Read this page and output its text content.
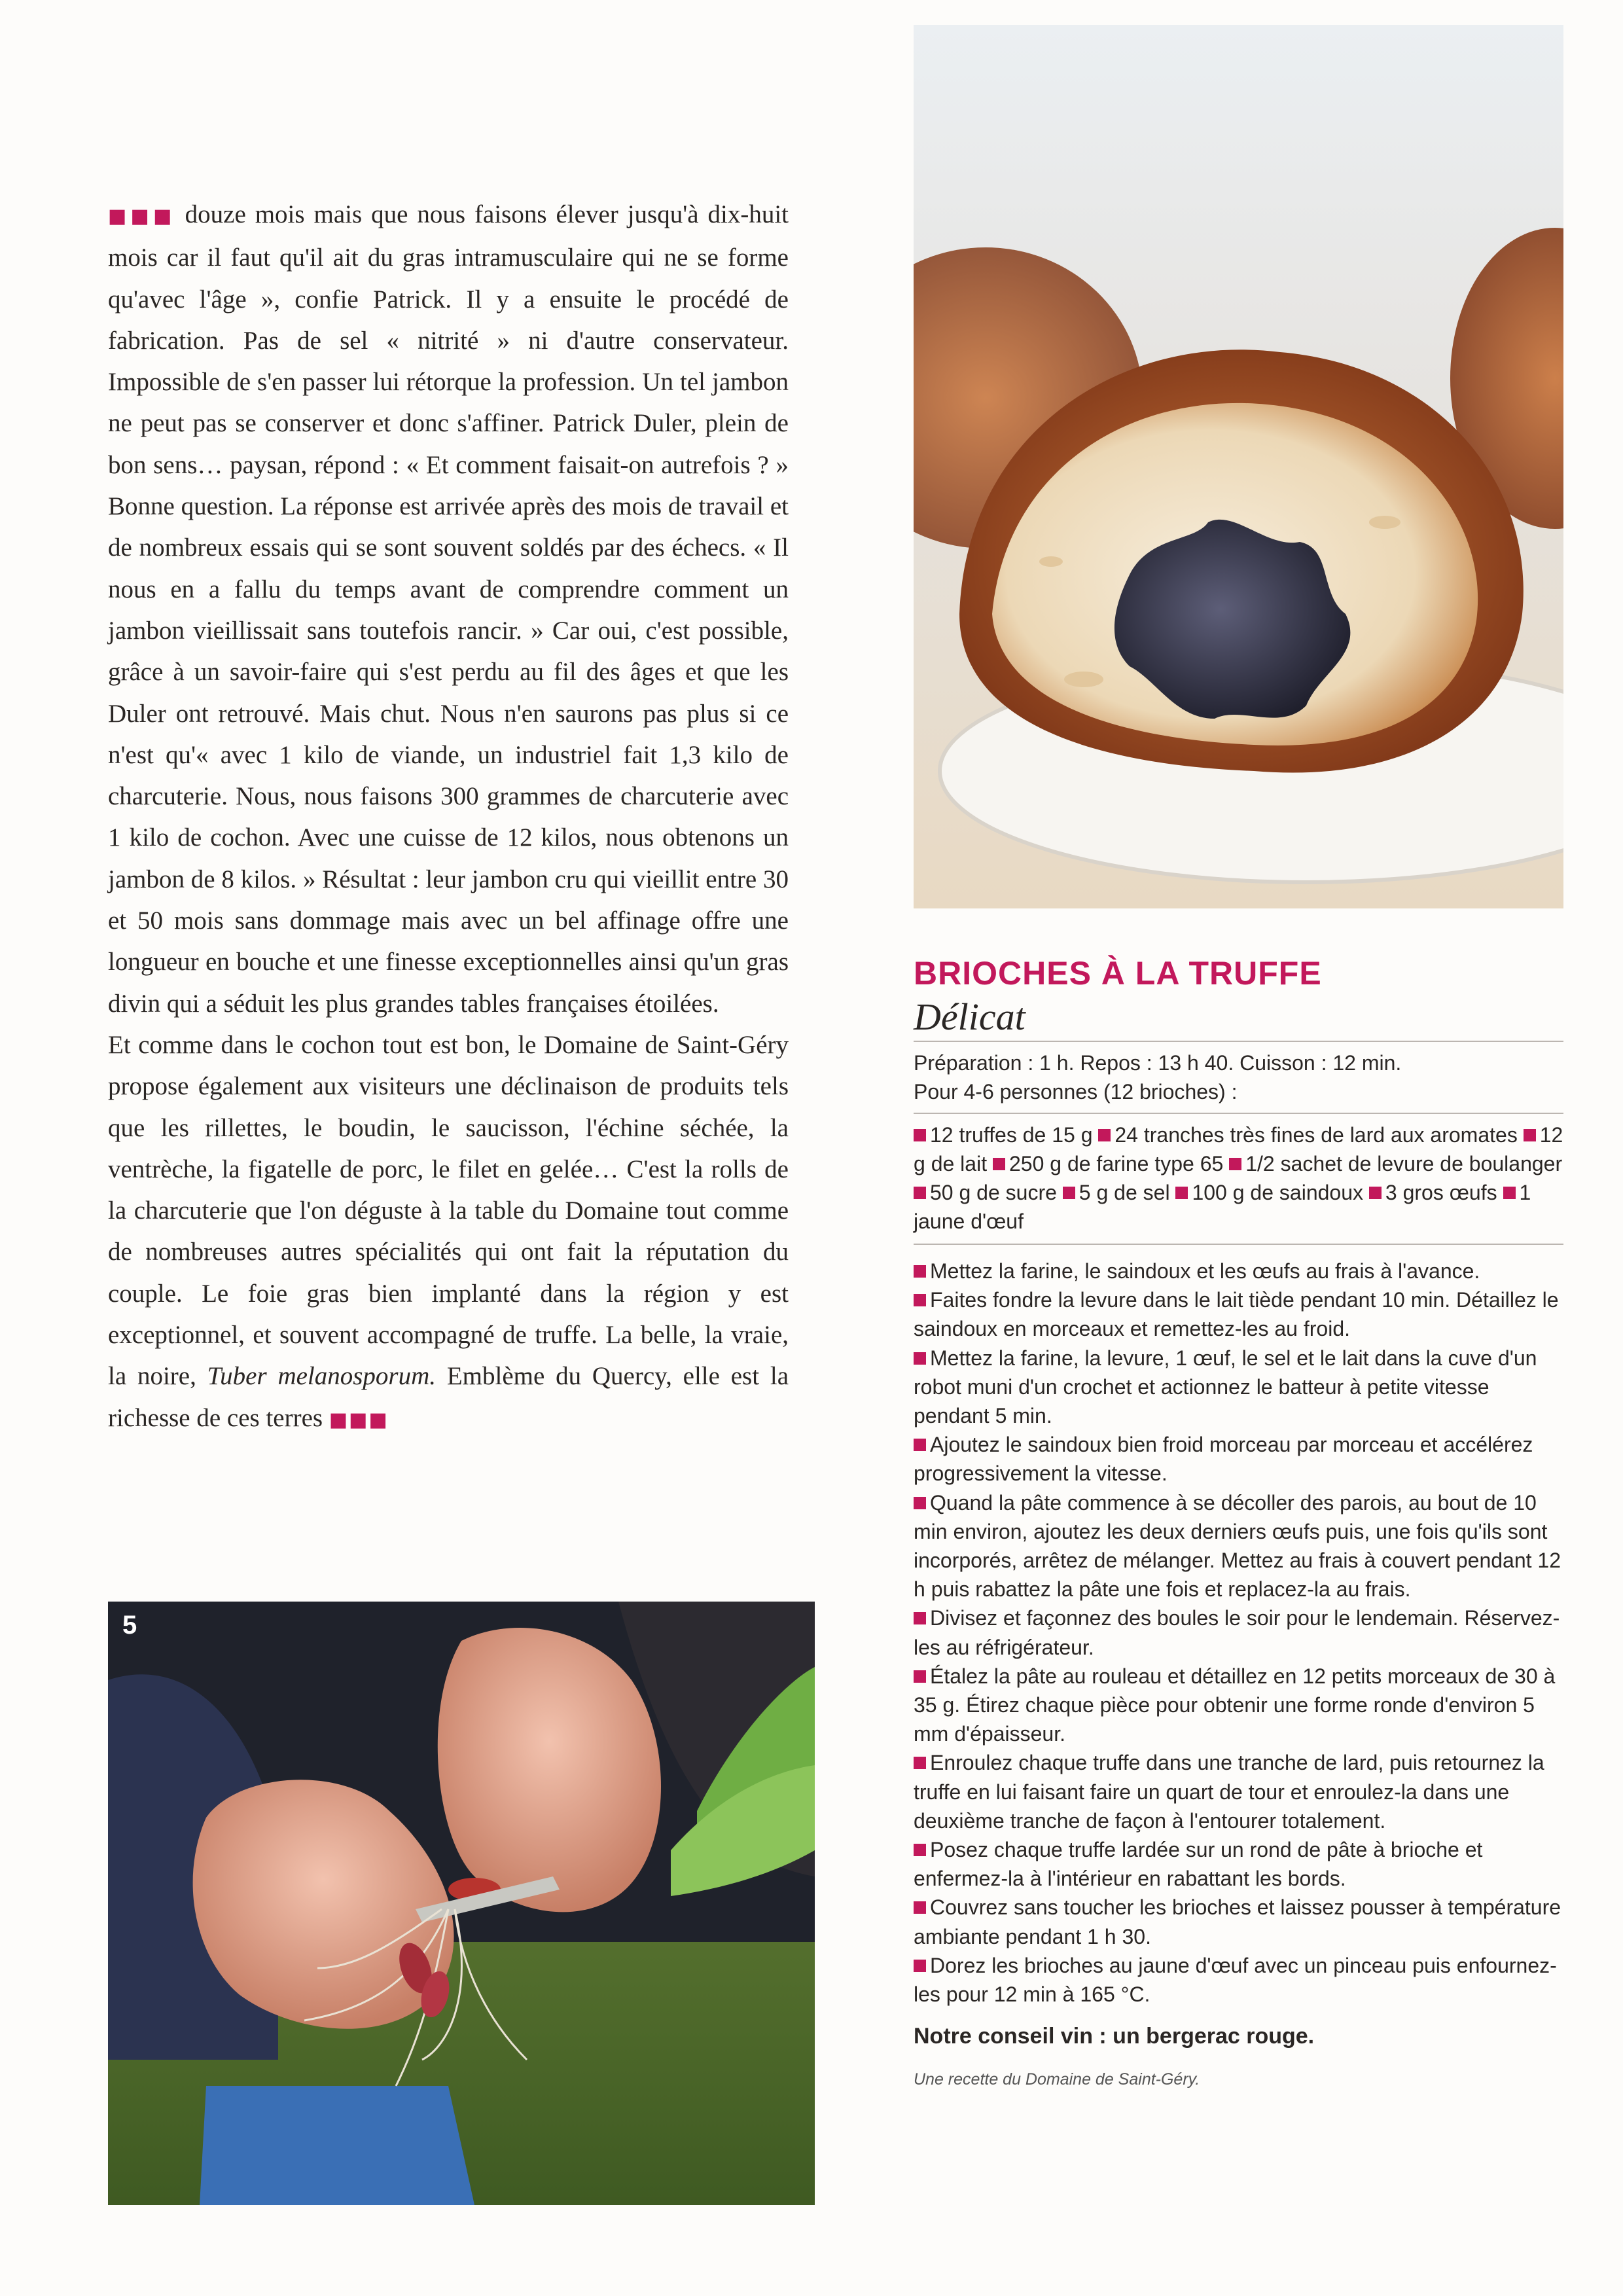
■■■ douze mois mais que nous faisons élever jusqu'à dix-huit mois car il faut qu'il ait du gras intramusculaire qui ne se forme qu'avec l'âge », confie Patrick. Il y a ensuite le procédé de fabrication. Pas de sel « nitrité » ni d'autre conservateur. Impossible de s'en passer lui rétorque la profession. Un tel jambon ne peut pas se conserver et donc s'affiner. Patrick Duler, plein de bon sens… paysan, répond : « Et comment faisait-on autrefois ? » Bonne question. La réponse est arrivée après des mois de travail et de nombreux essais qui se sont souvent soldés par des échecs. « Il nous en a fallu du temps avant de comprendre comment un jambon vieillissait sans toutefois rancir. » Car oui, c'est possible, grâce à un savoir-faire qui s'est perdu au fil des âges et que les Duler ont retrouvé. Mais chut. Nous n'en saurons pas plus si ce n'est qu'« avec 1 kilo de viande, un industriel fait 1,3 kilo de charcuterie. Nous, nous faisons 300 grammes de charcuterie avec 1 kilo de cochon. Avec une cuisse de 12 kilos, nous obtenons un jambon de 8 kilos. » Résultat : leur jambon cru qui vieillit entre 30 et 50 mois sans dommage mais avec un bel affinage offre une longueur en bouche et une finesse exceptionnelles ainsi qu'un gras divin qui a séduit les plus grandes tables françaises étoilées.

Et comme dans le cochon tout est bon, le Domaine de Saint-Géry propose également aux visiteurs une déclinaison de produits tels que les rillettes, le boudin, le saucisson, l'échine séchée, la ventrèche, la figatelle de porc, le filet en gelée… C'est la rolls de la charcuterie que l'on déguste à la table du Domaine tout comme de nombreuses autres spécialités qui ont fait la réputation du couple. Le foie gras bien implanté dans la région y est exceptionnel, et souvent accompagné de truffe. La belle, la vraie, la noire, Tuber melanosporum. Emblème du Quercy, elle est la richesse de ces terres ■■■

5
BRIOCHES À LA TRUFFE

Délicat

Préparation : 1 h. Repos : 13 h 40. Cuisson : 12 min.
Pour 4-6 personnes (12 brioches) :
12 truffes de 15 g 24 tranches très fines de lard aux aromates 12 g de lait 250 g de farine type 65 1/2 sachet de levure de boulanger 50 g de sucre 5 g de sel 100 g de saindoux 3 gros œufs 1 jaune d'œuf
Mettez la farine, le saindoux et les œufs au frais à l'avance.
Faites fondre la levure dans le lait tiède pendant 10 min. Détaillez le saindoux en morceaux et remettez-les au froid.
Mettez la farine, la levure, 1 œuf, le sel et le lait dans la cuve d'un robot muni d'un crochet et actionnez le batteur à petite vitesse pendant 5 min.
Ajoutez le saindoux bien froid morceau par morceau et accélérez progressivement la vitesse.
Quand la pâte commence à se décoller des parois, au bout de 10 min environ, ajoutez les deux derniers œufs puis, une fois qu'ils sont incorporés, arrêtez de mélanger. Mettez au frais à couvert pendant 12 h puis rabattez la pâte une fois et replacez-la au frais.
Divisez et façonnez des boules le soir pour le lendemain. Réservez-les au réfrigérateur.
Étalez la pâte au rouleau et détaillez en 12 petits morceaux de 30 à 35 g. Étirez chaque pièce pour obtenir une forme ronde d'environ 5 mm d'épaisseur.
Enroulez chaque truffe dans une tranche de lard, puis retournez la truffe en lui faisant faire un quart de tour et enroulez-la dans une deuxième tranche de façon à l'entourer totalement.
Posez chaque truffe lardée sur un rond de pâte à brioche et enfermez-la à l'intérieur en rabattant les bords.
Couvrez sans toucher les brioches et laissez pousser à température ambiante pendant 1 h 30.
Dorez les brioches au jaune d'œuf avec un pinceau puis enfournez-les pour 12 min à 165 °C.

Notre conseil vin : un bergerac rouge.

Une recette du Domaine de Saint-Géry.
